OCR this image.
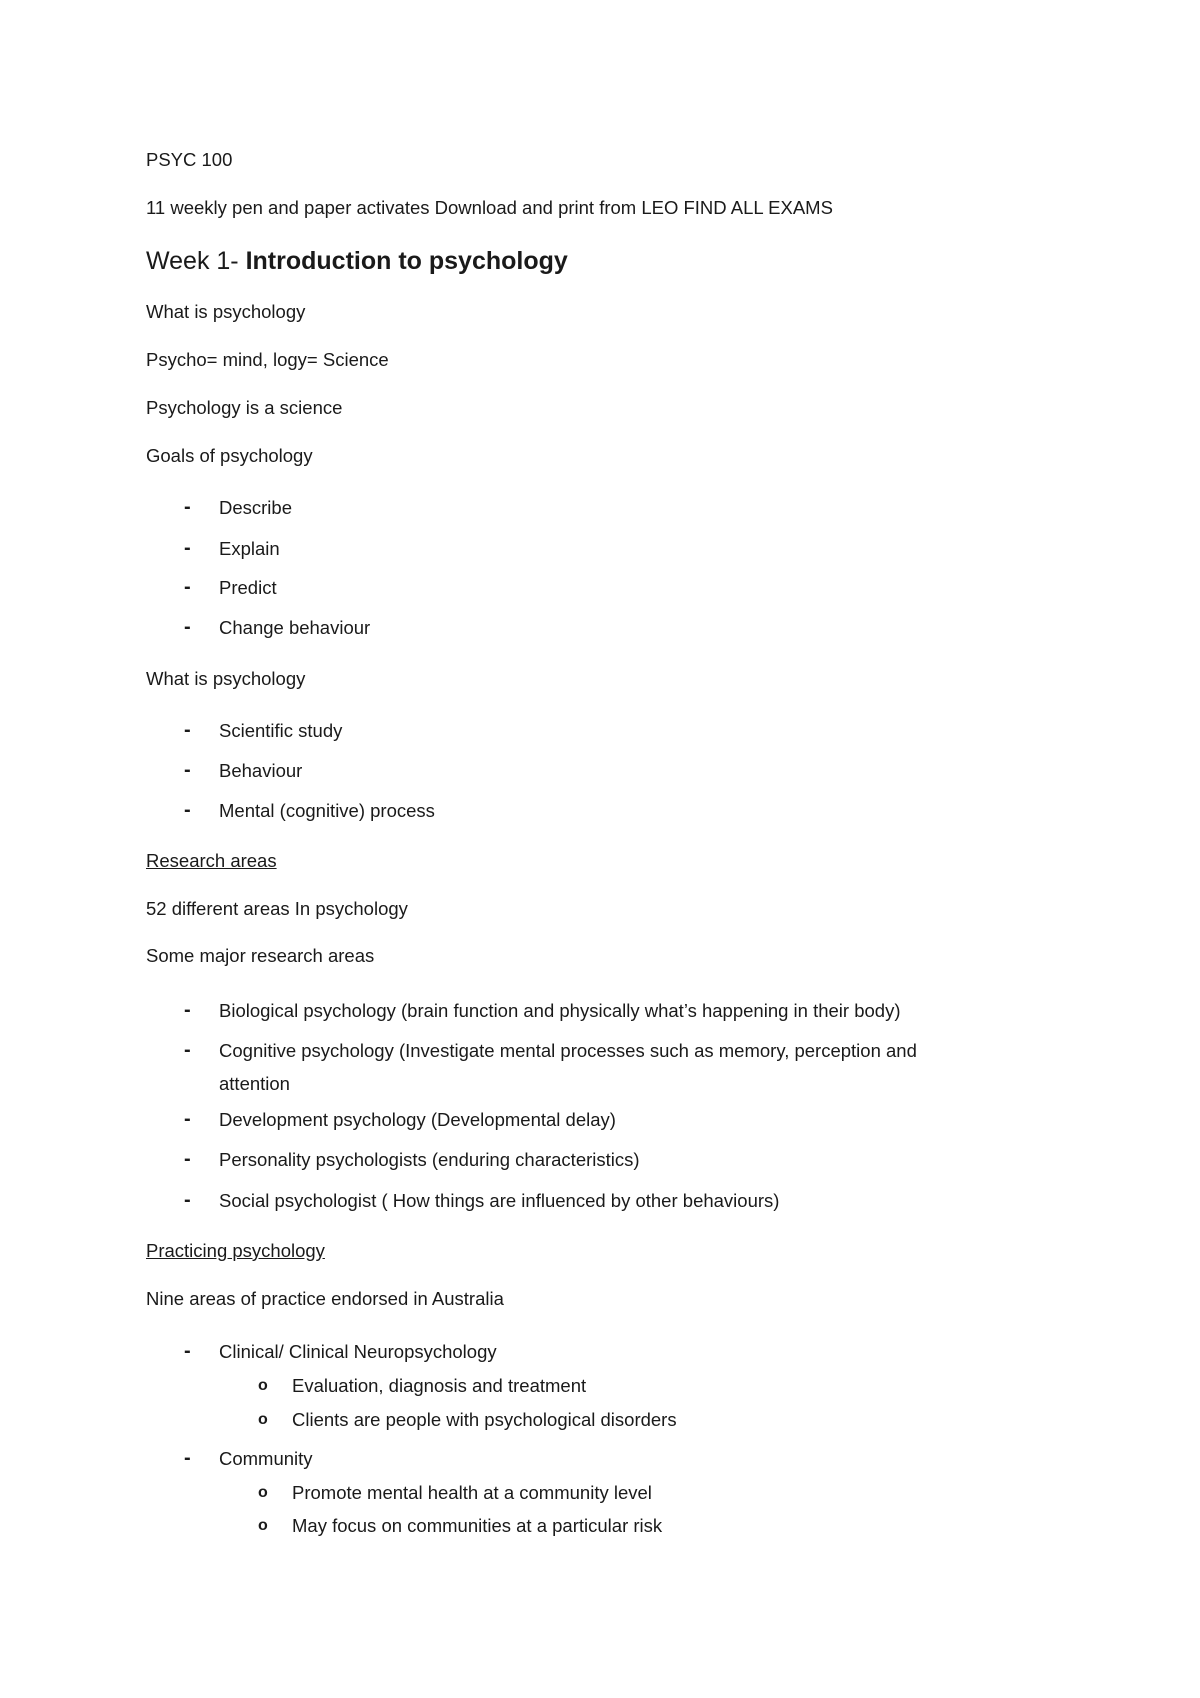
PSYC 100
11 weekly pen and paper activates Download and print from LEO FIND ALL EXAMS
Week 1- Introduction to psychology
What is psychology
Psycho= mind, logy= Science
Psychology is a science
Goals of psychology
- Describe
- Explain
- Predict
- Change behaviour
What is psychology
- Scientific study
- Behaviour
- Mental (cognitive) process
Research areas
52 different areas In psychology
Some major research areas
- Biological psychology (brain function and physically what’s happening in their body)
- Cognitive psychology (Investigate mental processes such as memory, perception and
attention
- Development psychology (Developmental delay)
- Personality psychologists (enduring characteristics)
- Social psychologist ( How things are influenced by other behaviours)
Practicing psychology
Nine areas of practice endorsed in Australia
- Clinical/ Clinical Neuropsychology
o Evaluation, diagnosis and treatment
o Clients are people with psychological disorders
- Community
o Promote mental health at a community level
o May focus on communities at a particular risk
